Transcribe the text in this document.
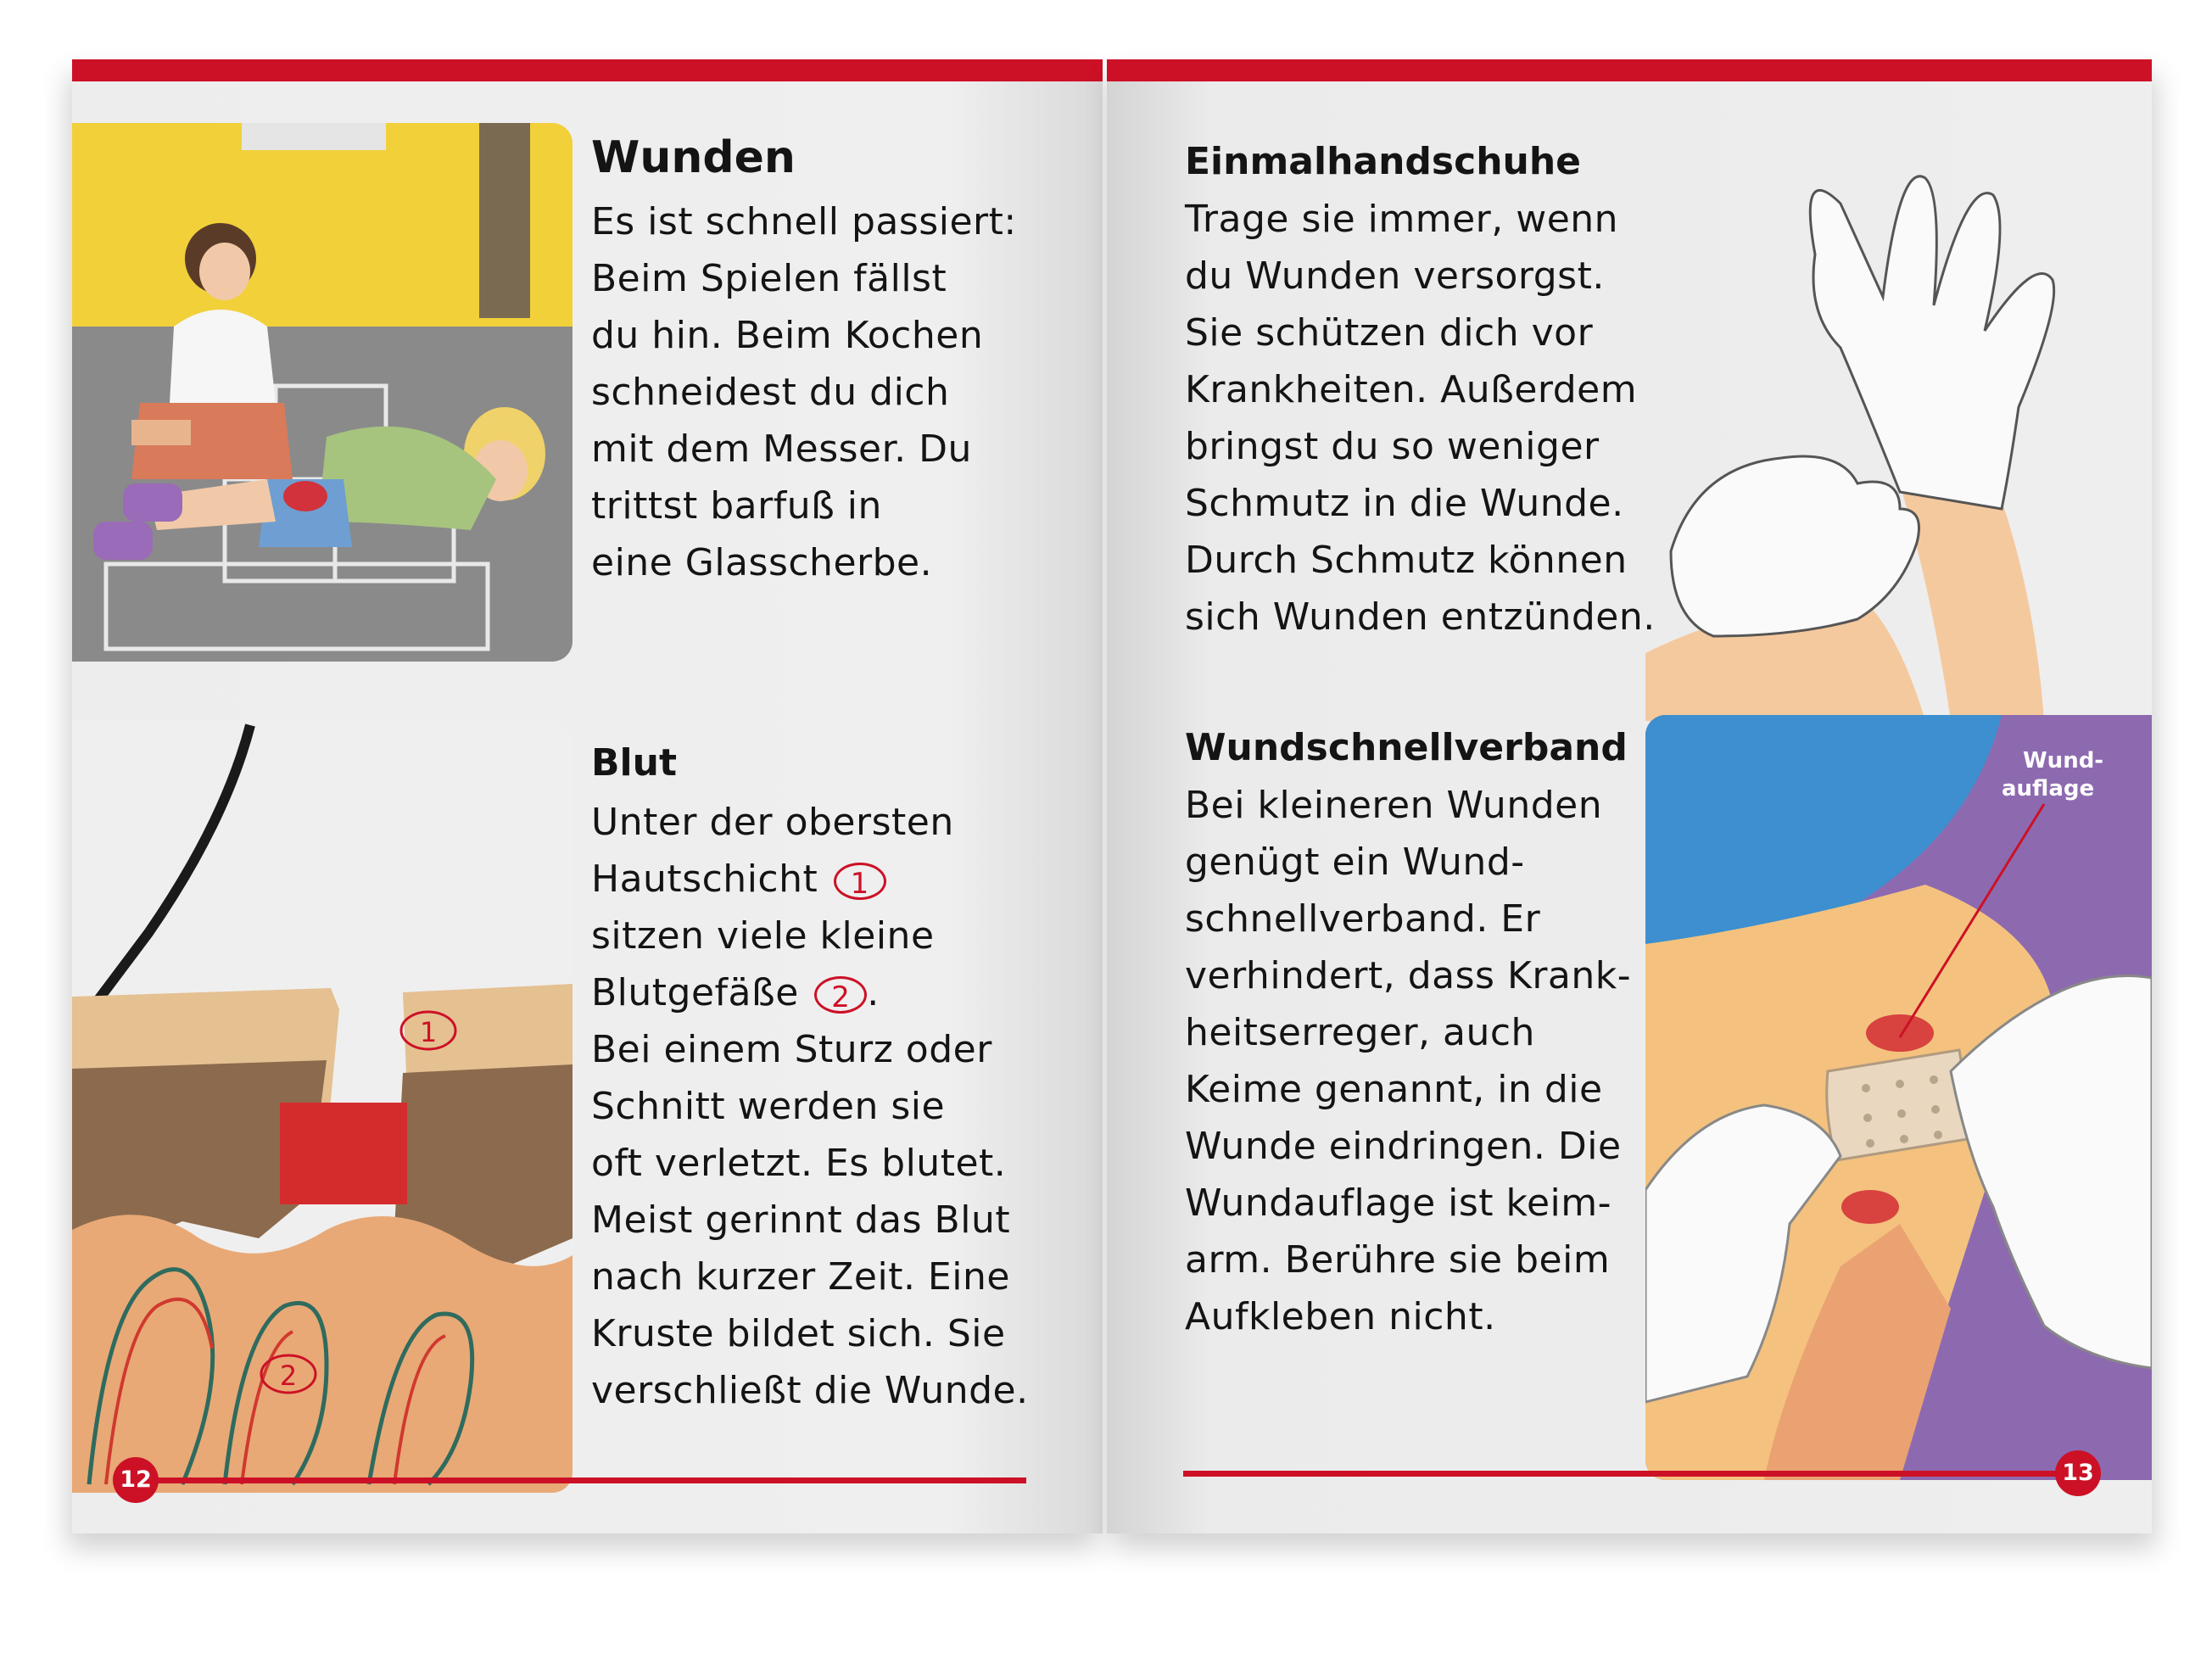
Wunden
Es ist schnell passiert:
Beim Spielen fällst
du hin. Beim Kochen
schneidest du dich
mit dem Messer. Du
trittst barfuß in
eine Glasscherbe.
1
2
Blut
Unter der obersten
Hautschicht 1
sitzen viele kleine
Blutgefäße 2 .
Bei einem Sturz oder
Schnitt werden sie
oft verletzt. Es blutet.
Meist gerinnt das Blut
nach kurzer Zeit. Eine
Kruste bildet sich. Sie
verschließt die Wunde.
12
Einmalhandschuhe
Trage sie immer, wenn
du Wunden versorgst.
Sie schützen dich vor
Krankheiten. Außerdem
bringst du so weniger
Schmutz in die Wunde.
Durch Schmutz können
sich Wunden entzünden.
Wundschnellverband
Bei kleineren Wunden
genügt ein Wund-
schnellverband. Er
verhindert, dass Krank-
heitserreger, auch
Keime genannt, in die
Wunde eindringen. Die
Wundauflage ist keim-
arm. Berühre sie beim
Aufkleben nicht.
Wund-
auflage
13
